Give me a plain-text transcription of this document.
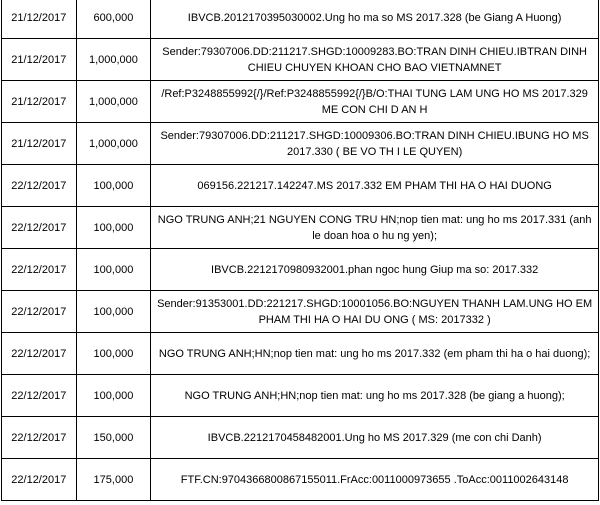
21/12/2017	600,000	IBVCB.2012170395030002.Ung ho ma so MS 2017.328 (be Giang A Huong)
21/12/2017	1,000,000	Sender:79307006.DD:211217.SHGD:10009283.BO:TRAN DINH CHIEU.IBTRAN DINH CHIEU CHUYEN KHOAN CHO BAO VIETNAMNET
21/12/2017	1,000,000	/Ref:P3248855992{/}/Ref:P3248855992{/}B/O:THAI TUNG LAM UNG HO MS 2017.329 ME CON CHI D AN H
21/12/2017	1,000,000	Sender:79307006.DD:211217.SHGD:10009306.BO:TRAN DINH CHIEU.IBUNG HO MS 2017.330 ( BE VO TH I LE QUYEN)
22/12/2017	100,000	069156.221217.142247.MS 2017.332 EM PHAM THI HA O HAI DUONG
22/12/2017	100,000	NGO TRUNG ANH;21 NGUYEN CONG TRU HN;nop tien mat: ung ho ms 2017.331 (anh le doan hoa o hu ng yen);
22/12/2017	100,000	IBVCB.2212170980932001.phan ngoc hung Giup ma so: 2017.332
22/12/2017	100,000	Sender:91353001.DD:221217.SHGD:10001056.BO:NGUYEN THANH LAM.UNG HO EM PHAM THI HA O HAI DU ONG ( MS: 2017332 )
22/12/2017	100,000	NGO TRUNG ANH;HN;nop tien mat: ung ho ms 2017.332 (em pham thi ha o hai duong);
22/12/2017	100,000	NGO TRUNG ANH;HN;nop tien mat: ung ho ms 2017.328 (be giang a huong);
22/12/2017	150,000	IBVCB.2212170458482001.Ung ho MS 2017.329 (me con chi Danh)
22/12/2017	175,000	FTF.CN:9704366800867155011.FrAcc:0011000973655 .ToAcc:0011002643148
